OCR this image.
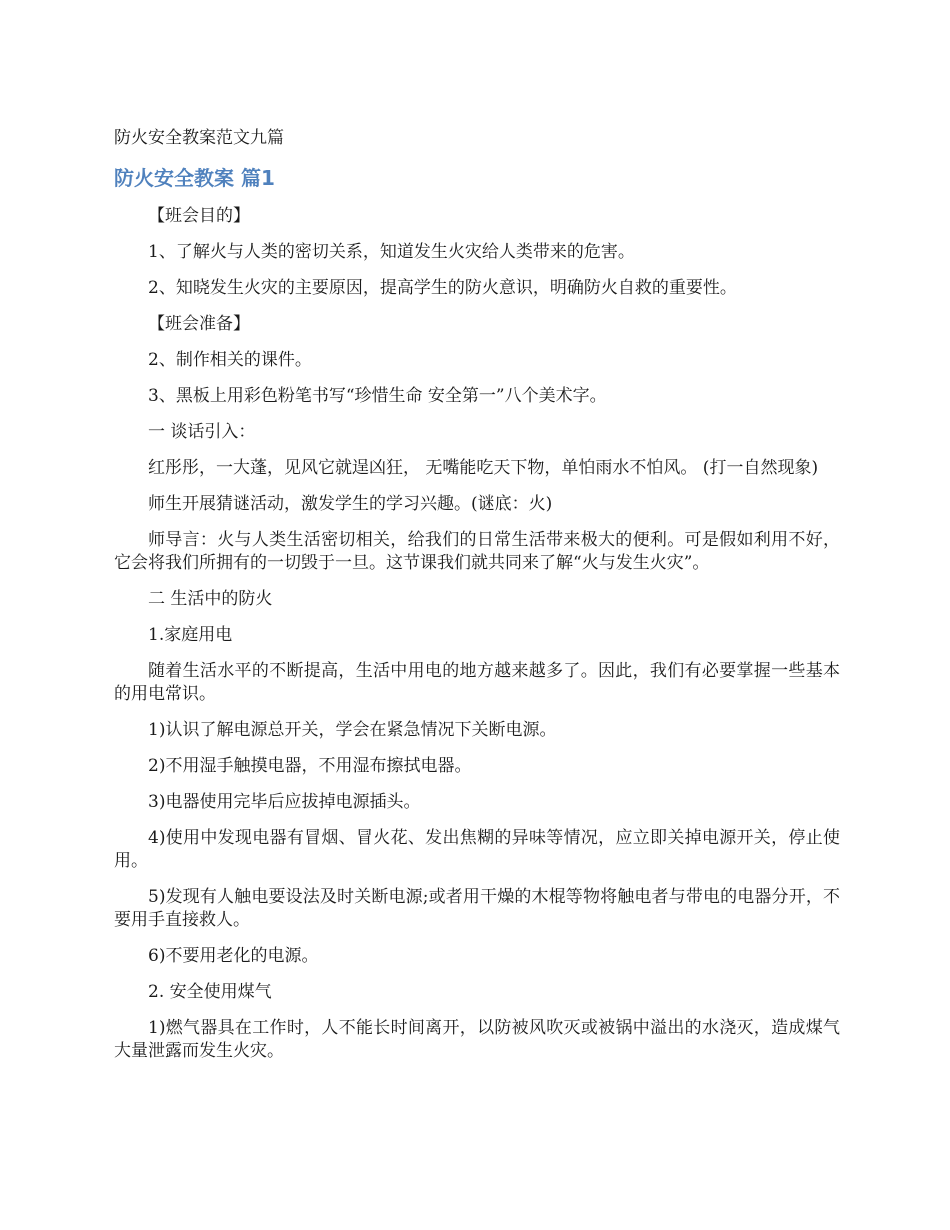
防火安全教案范文九篇
防火安全教案 篇1

【班会目的】

1、了解火与人类的密切关系，知道发生火灾给人类带来的危害。

2、知晓发生火灾的主要原因，提高学生的防火意识，明确防火自救的重要性。

【班会准备】

2、制作相关的课件。

3、黑板上用彩色粉笔书写“珍惜生命 安全第一”八个美术字。

一 谈话引入：

红彤彤，一大蓬，见风它就逞凶狂， 无嘴能吃天下物，单怕雨水不怕风。 (打一自然现象)

师生开展猜谜活动，激发学生的学习兴趣。(谜底：火)

师导言：火与人类生活密切相关，给我们的日常生活带来极大的便利。可是假如利用不好，它会将我们所拥有的一切毁于一旦。这节课我们就共同来了解“火与发生火灾”。

二 生活中的防火

1.家庭用电

随着生活水平的不断提高，生活中用电的地方越来越多了。因此，我们有必要掌握一些基本的用电常识。

1)认识了解电源总开关，学会在紧急情况下关断电源。

2)不用湿手触摸电器，不用湿布擦拭电器。

3)电器使用完毕后应拔掉电源插头。

4)使用中发现电器有冒烟、冒火花、发出焦糊的异味等情况，应立即关掉电源开关，停止使用。

5)发现有人触电要设法及时关断电源;或者用干燥的木棍等物将触电者与带电的电器分开，不要用手直接救人。

6)不要用老化的电源。

2. 安全使用煤气

1)燃气器具在工作时，人不能长时间离开，以防被风吹灭或被锅中溢出的水浇灭，造成煤气大量泄露而发生火灾。
